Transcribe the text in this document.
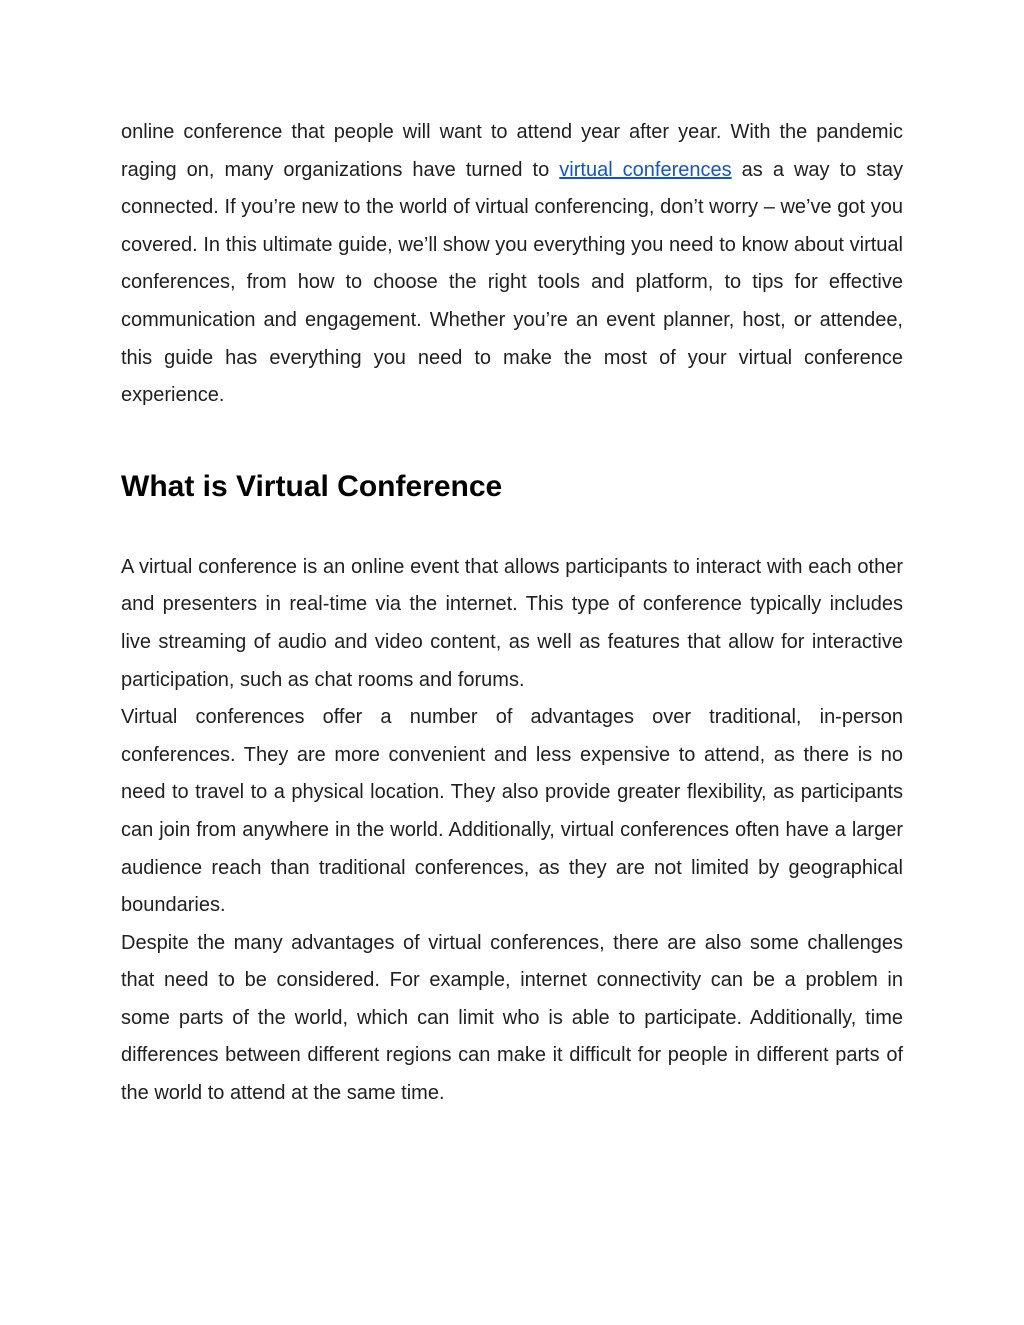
online conference that people will want to attend year after year. With the pandemic raging on, many organizations have turned to virtual conferences as a way to stay connected. If you’re new to the world of virtual conferencing, don’t worry – we’ve got you covered. In this ultimate guide, we’ll show you everything you need to know about virtual conferences, from how to choose the right tools and platform, to tips for effective communication and engagement. Whether you’re an event planner, host, or attendee, this guide has everything you need to make the most of your virtual conference experience.

What is Virtual Conference

A virtual conference is an online event that allows participants to interact with each other and presenters in real-time via the internet. This type of conference typically includes live streaming of audio and video content, as well as features that allow for interactive participation, such as chat rooms and forums.

Virtual conferences offer a number of advantages over traditional, in-person conferences. They are more convenient and less expensive to attend, as there is no need to travel to a physical location. They also provide greater flexibility, as participants can join from anywhere in the world. Additionally, virtual conferences often have a larger audience reach than traditional conferences, as they are not limited by geographical boundaries.

Despite the many advantages of virtual conferences, there are also some challenges that need to be considered. For example, internet connectivity can be a problem in some parts of the world, which can limit who is able to participate. Additionally, time differences between different regions can make it difficult for people in different parts of the world to attend at the same time.
